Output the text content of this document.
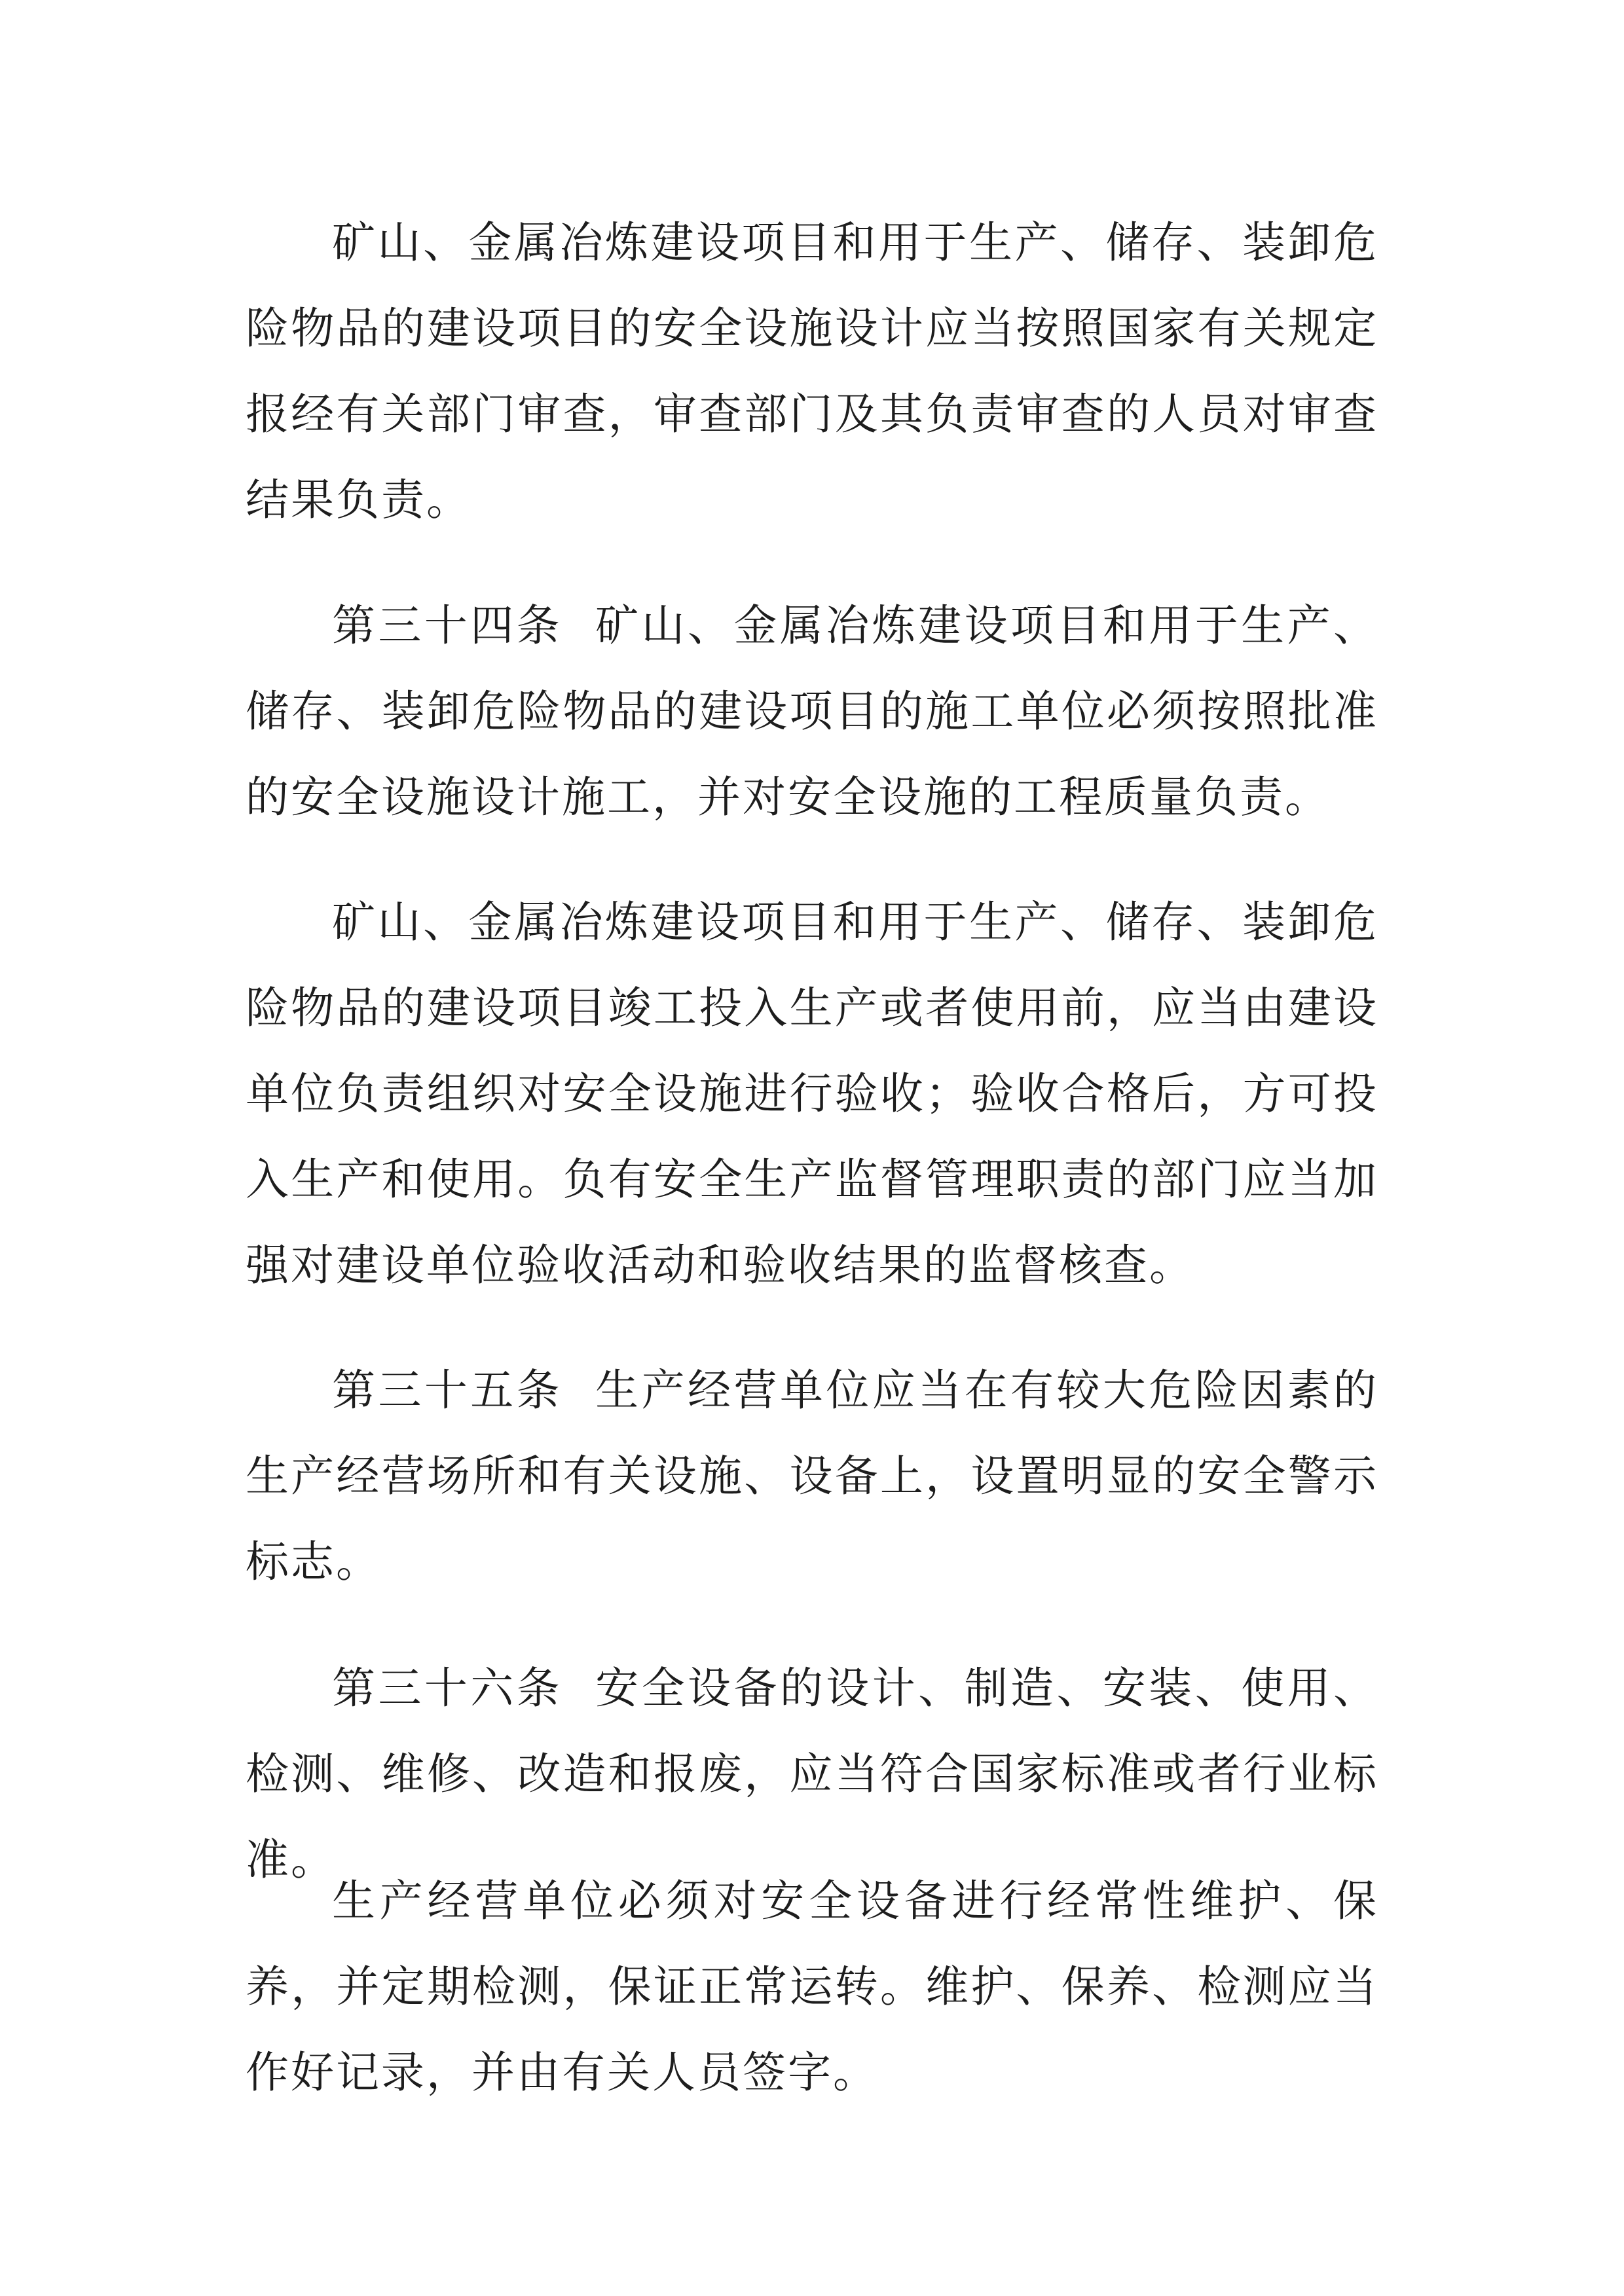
矿山、金属冶炼建设项目和用于生产、储存、装卸危险物品的建设项目的安全设施设计应当按照国家有关规定报经有关部门审查，审查部门及其负责审查的人员对审查结果负责。

第三十四条 矿山、金属冶炼建设项目和用于生产、储存、装卸危险物品的建设项目的施工单位必须按照批准的安全设施设计施工，并对安全设施的工程质量负责。

矿山、金属冶炼建设项目和用于生产、储存、装卸危险物品的建设项目竣工投入生产或者使用前，应当由建设单位负责组织对安全设施进行验收；验收合格后，方可投入生产和使用。负有安全生产监督管理职责的部门应当加强对建设单位验收活动和验收结果的监督核查。

第三十五条 生产经营单位应当在有较大危险因素的生产经营场所和有关设施、设备上，设置明显的安全警示标志。

第三十六条 安全设备的设计、制造、安装、使用、检测、维修、改造和报废，应当符合国家标准或者行业标准。

生产经营单位必须对安全设备进行经常性维护、保养，并定期检测，保证正常运转。维护、保养、检测应当作好记录，并由有关人员签字。
